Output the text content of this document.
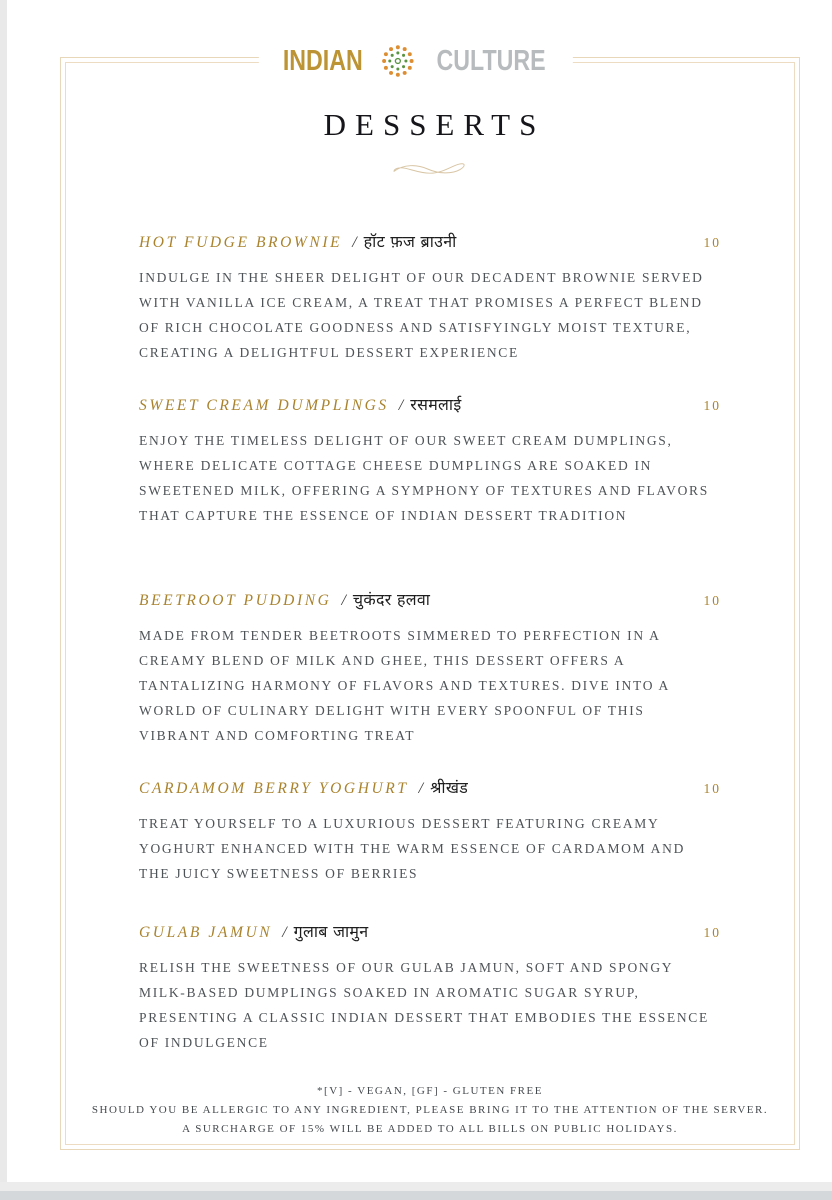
INDIAN	CULTURE
DESSERTS
HOT FUDGE BROWNIE / हॉट फ़ज ब्राउनी	10

INDULGE IN THE SHEER DELIGHT OF OUR DECADENT BROWNIE SERVED WITH VANILLA ICE CREAM, A TREAT THAT PROMISES A PERFECT BLEND OF RICH CHOCOLATE GOODNESS AND SATISFYINGLY MOIST TEXTURE, CREATING A DELIGHTFUL DESSERT EXPERIENCE

SWEET CREAM DUMPLINGS / रसमलाई	10

ENJOY THE TIMELESS DELIGHT OF OUR SWEET CREAM DUMPLINGS, WHERE DELICATE COTTAGE CHEESE DUMPLINGS ARE SOAKED IN SWEETENED MILK, OFFERING A SYMPHONY OF TEXTURES AND FLAVORS THAT CAPTURE THE ESSENCE OF INDIAN DESSERT TRADITION

BEETROOT PUDDING / चुकंदर हलवा	10

MADE FROM TENDER BEETROOTS SIMMERED TO PERFECTION IN A CREAMY BLEND OF MILK AND GHEE, THIS DESSERT OFFERS A TANTALIZING HARMONY OF FLAVORS AND TEXTURES. DIVE INTO A WORLD OF CULINARY DELIGHT WITH EVERY SPOONFUL OF THIS VIBRANT AND COMFORTING TREAT

CARDAMOM BERRY YOGHURT / श्रीखंड	10

TREAT YOURSELF TO A LUXURIOUS DESSERT FEATURING CREAMY YOGHURT ENHANCED WITH THE WARM ESSENCE OF CARDAMOM AND THE JUICY SWEETNESS OF BERRIES

GULAB JAMUN / गुलाब जामुन	10

RELISH THE SWEETNESS OF OUR GULAB JAMUN, SOFT AND SPONGY MILK-BASED DUMPLINGS SOAKED IN AROMATIC SUGAR SYRUP, PRESENTING A CLASSIC INDIAN DESSERT THAT EMBODIES THE ESSENCE OF INDULGENCE

*[V] - VEGAN, [GF] - GLUTEN FREE
SHOULD YOU BE ALLERGIC TO ANY INGREDIENT, PLEASE BRING IT TO THE ATTENTION OF THE SERVER.
A SURCHARGE OF 15% WILL BE ADDED TO ALL BILLS ON PUBLIC HOLIDAYS.
